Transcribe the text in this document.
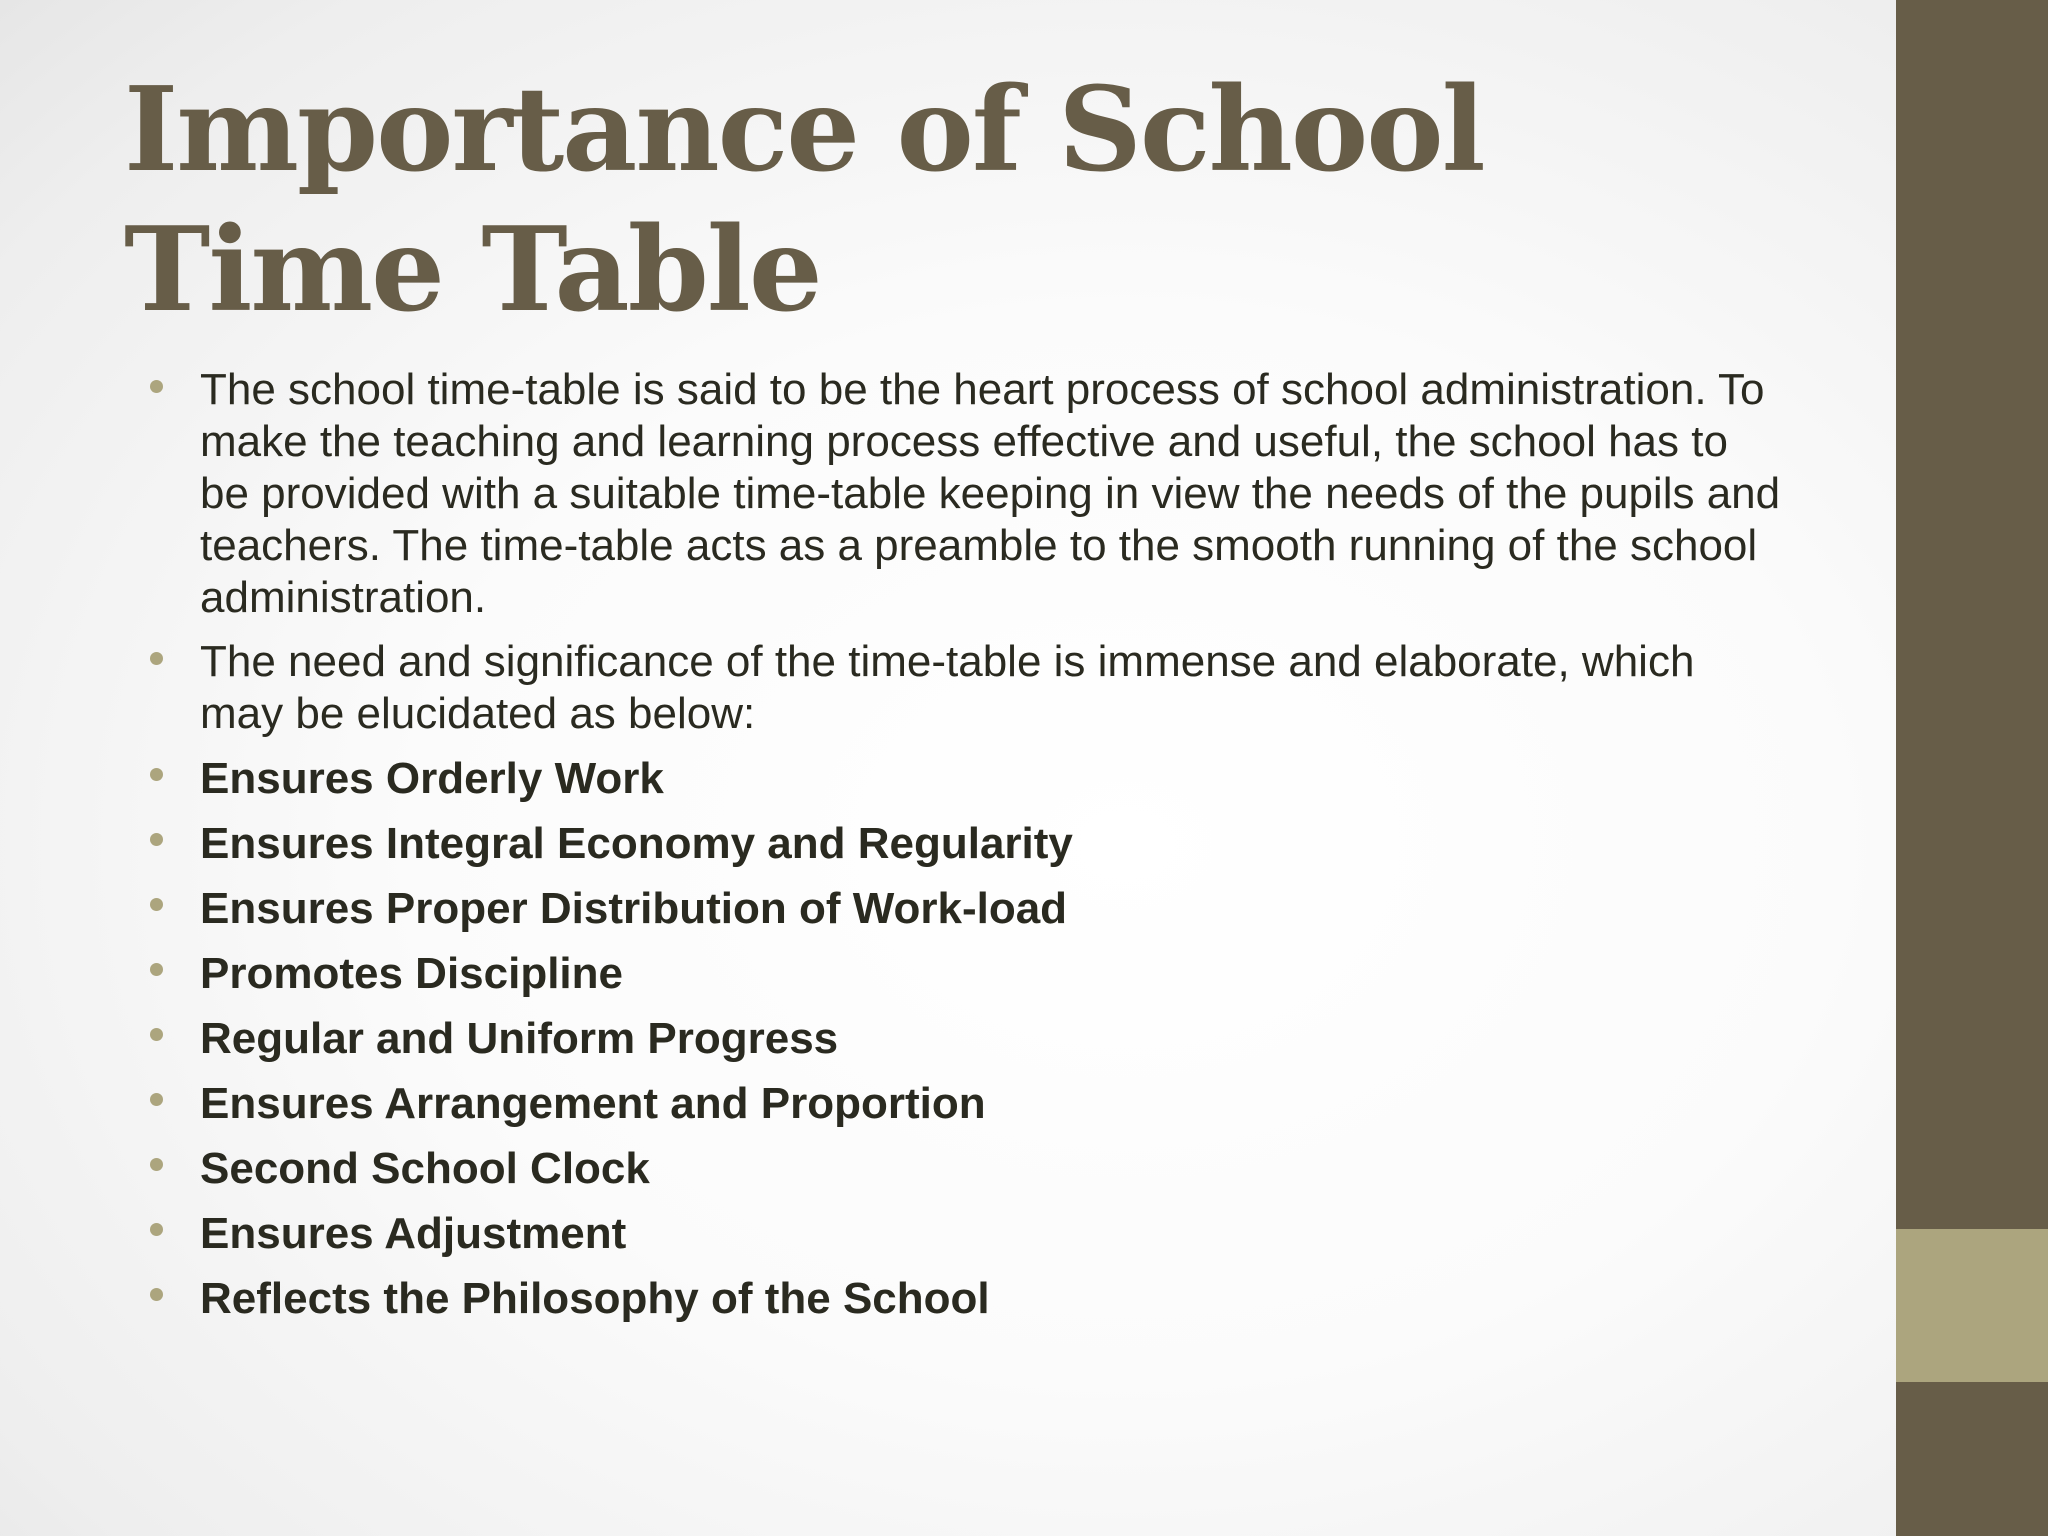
Importance of School Time Table
The school time-table is said to be the heart process of school administration. To make the teaching and learning process effective and useful, the school has to be provided with a suitable time-table keeping in view the needs of the pupils and teachers. The time-table acts as a preamble to the smooth running of the school administration.
The need and significance of the time-table is immense and elaborate, which may be elucidated as below:
Ensures Orderly Work
Ensures Integral Economy and Regularity
Ensures Proper Distribution of Work-load
Promotes Discipline
Regular and Uniform Progress
Ensures Arrangement and Proportion
Second School Clock
Ensures Adjustment
Reflects the Philosophy of the School
